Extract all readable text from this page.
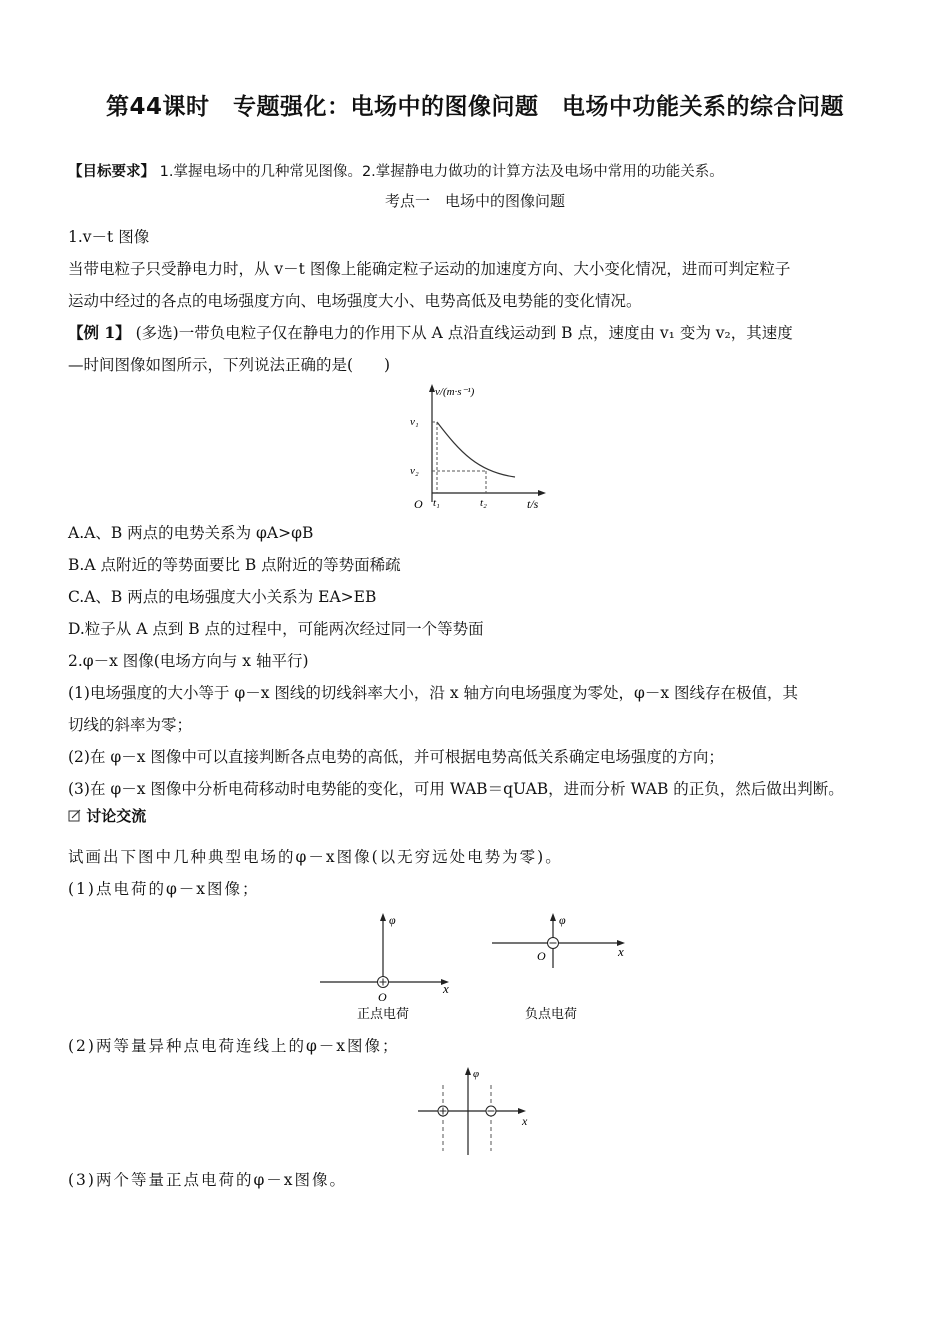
第44课时　专题强化：电场中的图像问题　电场中功能关系的综合问题
【目标要求】 1.掌握电场中的几种常见图像。2.掌握静电力做功的计算方法及电场中常用的功能关系。
考点一　电场中的图像问题
1.v－t 图像
当带电粒子只受静电力时，从 v－t 图像上能确定粒子运动的加速度方向、大小变化情况，进而可判定粒子
运动中经过的各点的电场强度方向、电场强度大小、电势高低及电势能的变化情况。
【例 1】 (多选)一带负电粒子仅在静电力的作用下从 A 点沿直线运动到 B 点，速度由 v₁ 变为 v₂，其速度
—时间图像如图所示，下列说法正确的是(　　)
v/(m·s⁻¹)
v₁
v₂
O t₁	t₂	t/s
A.A、B 两点的电势关系为 φA>φB
B.A 点附近的等势面要比 B 点附近的等势面稀疏
C.A、B 两点的电场强度大小关系为 EA>EB
D.粒子从 A 点到 B 点的过程中，可能两次经过同一个等势面
2.φ－x 图像(电场方向与 x 轴平行)
(1)电场强度的大小等于 φ－x 图线的切线斜率大小，沿 x 轴方向电场强度为零处，φ－x 图线存在极值，其
切线的斜率为零；
(2)在 φ－x 图像中可以直接判断各点电势的高低，并可根据电势高低关系确定电场强度的方向；
(3)在 φ－x 图像中分析电荷移动时电势能的变化，可用 WAB＝qUAB，进而分析 WAB 的正负，然后做出判断。
讨论交流
试画出下图中几种典型电场的φ－x图像(以无穷远处电势为零)。
(1)点电荷的φ－x图像；
φ
x
O
正点电荷
φ
x
O
负点电荷
(2)两等量异种点电荷连线上的φ－x图像；
φ
x
(3)两个等量正点电荷的φ－x图像。
